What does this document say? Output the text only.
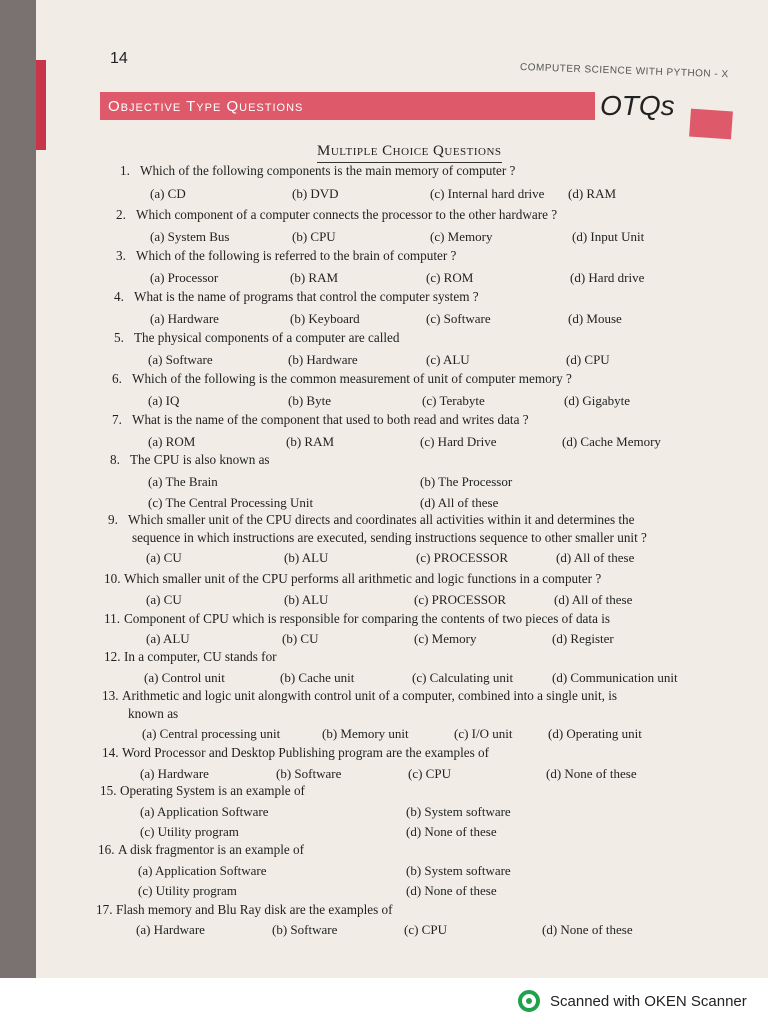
14
COMPUTER SCIENCE WITH PYTHON - X
Objective Type Questions	OTQs
Multiple Choice Questions
1. Which of the following components is the main memory of computer ?
(a) CD	(b) DVD	(c) Internal hard drive (d) RAM
2. Which component of a computer connects the processor to the other hardware ?
(a) System Bus	(b) CPU	(c) Memory	(d) Input Unit
3. Which of the following is referred to the brain of computer ?
(a) Processor	(b) RAM	(c) ROM	(d) Hard drive
4. What is the name of programs that control the computer system ?
(a) Hardware	(b) Keyboard	(c) Software	(d) Mouse
5. The physical components of a computer are called
(a) Software	(b) Hardware	(c) ALU	(d) CPU
6. Which of the following is the common measurement of unit of computer memory ?
(a) IQ	(b) Byte	(c) Terabyte	(d) Gigabyte
7. What is the name of the component that used to both read and writes data ?
(a) ROM	(b) RAM	(c) Hard Drive	(d) Cache Memory
8. The CPU is also known as
(a) The Brain	(b) The Processor
(c) The Central Processing Unit	(d) All of these
9. Which smaller unit of the CPU directs and coordinates all activities within it and determines the
sequence in which instructions are executed, sending instructions sequence to other smaller unit ?
(a) CU	(b) ALU	(c) PROCESSOR	(d) All of these
10. Which smaller unit of the CPU performs all arithmetic and logic functions in a computer ?
(a) CU	(b) ALU	(c) PROCESSOR	(d) All of these
11. Component of CPU which is responsible for comparing the contents of two pieces of data is
(a) ALU	(b) CU	(c) Memory	(d) Register
12. In a computer, CU stands for
(a) Control unit	(b) Cache unit	(c) Calculating unit	(d) Communication unit
13. Arithmetic and logic unit alongwith control unit of a computer, combined into a single unit, is
known as
(a) Central processing unit	(b) Memory unit	(c) I/O unit	(d) Operating unit
14. Word Processor and Desktop Publishing program are the examples of
(a) Hardware	(b) Software	(c) CPU	(d) None of these
15. Operating System is an example of
(a) Application Software	(b) System software
(c) Utility program	(d) None of these
16. A disk fragmentor is an example of
(a) Application Software	(b) System software
(c) Utility program	(d) None of these
17. Flash memory and Blu Ray disk are the examples of
(a) Hardware	(b) Software	(c) CPU	(d) None of these
Scanned with OKEN Scanner
